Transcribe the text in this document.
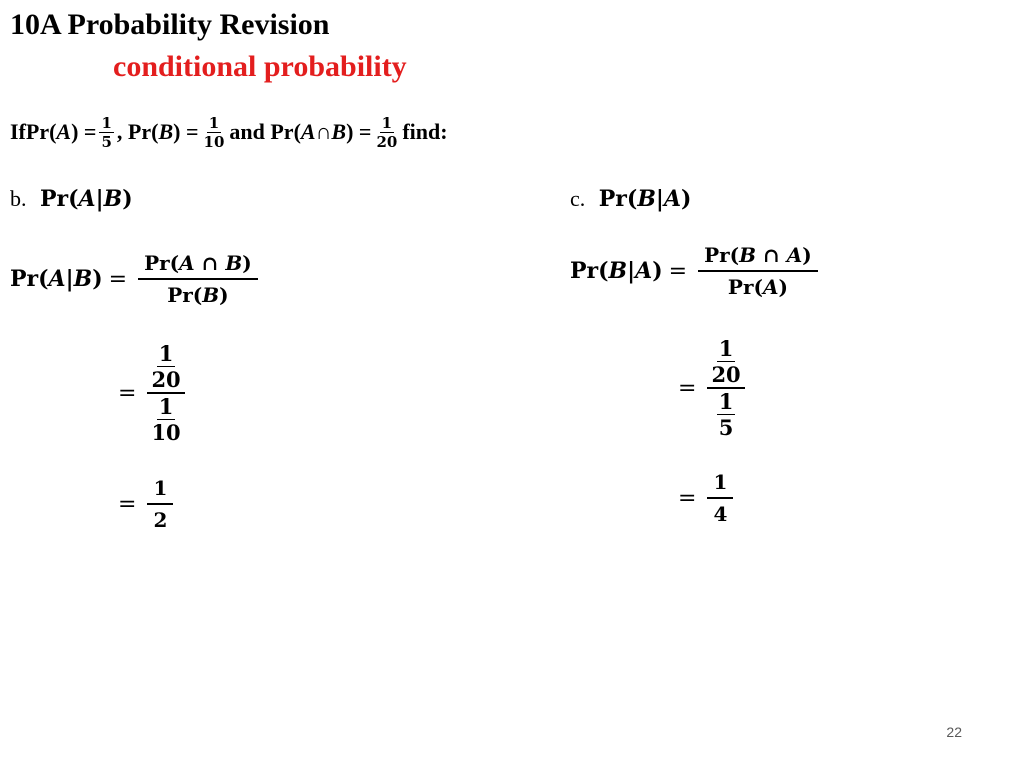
10A Probability Revision
conditional probability
If Pr( A ) = $\frac{1}{5}$ , Pr( B ) = $\frac{1}{10}$ and Pr( A ∩ B ) = $\frac{1}{20}$ find:
b. Pr(A|B)	c. Pr(B|A)
$Pr(A|B) = \frac{Pr(A \cap B)}{Pr(B)}$
= $\frac{\frac{1}{20}}{\frac{1}{10}}$
= $\frac{1}{2}$
$Pr(B|A) = \frac{Pr(B \cap A)}{Pr(A)}$
= $\frac{\frac{1}{20}}{\frac{1}{5}}$
= $\frac{1}{4}$
22
